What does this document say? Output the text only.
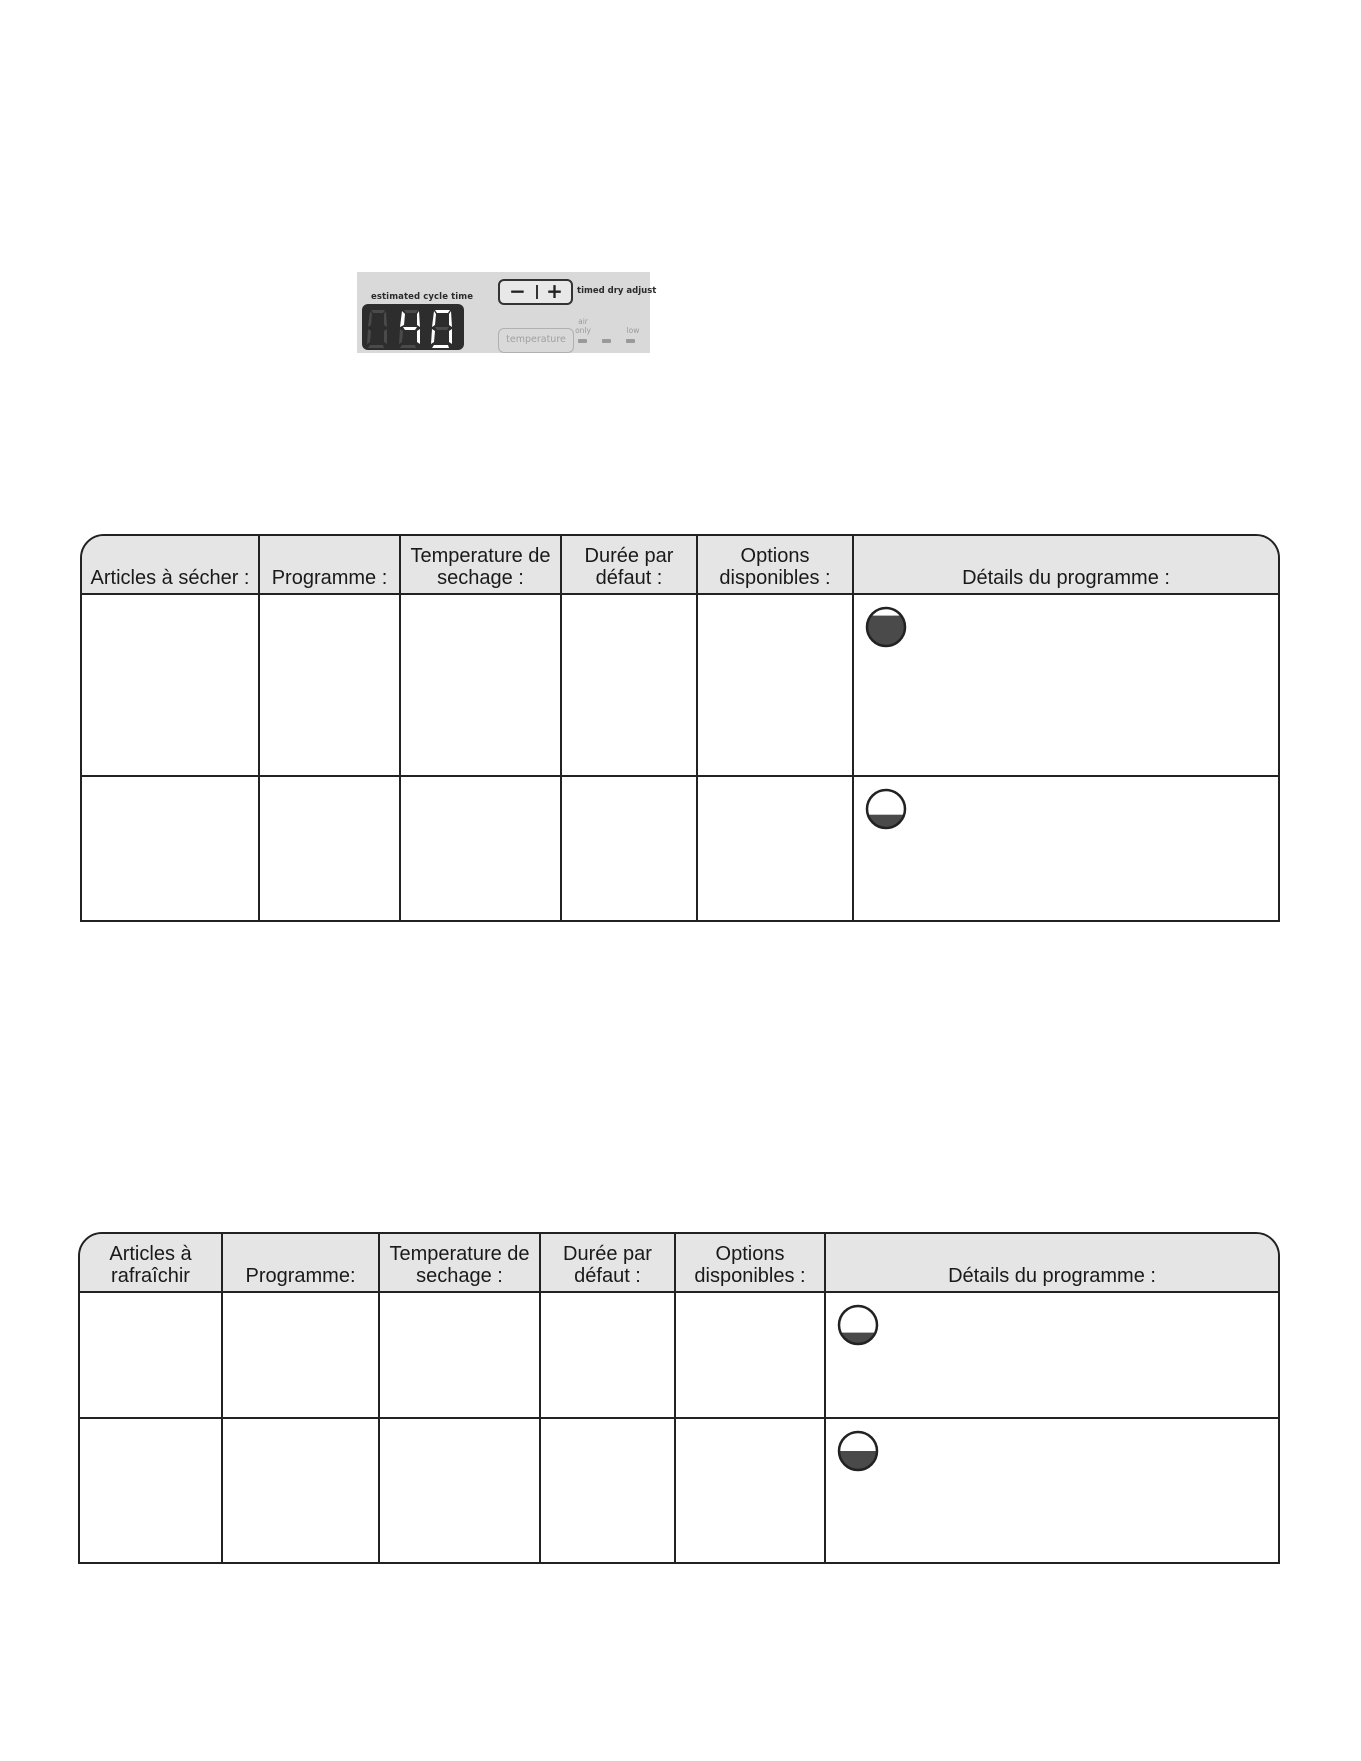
estimated cycle time	−	+	timed dry adjust
temperature
air only	low
Articles à sécher :	Programme :	Temperature de sechage :	Durée par défaut :	Options disponibles :	Détails du programme :

Articles à rafraîchir	Programme:	Temperature de sechage :	Durée par défaut :	Options disponibles :	Détails du programme :
